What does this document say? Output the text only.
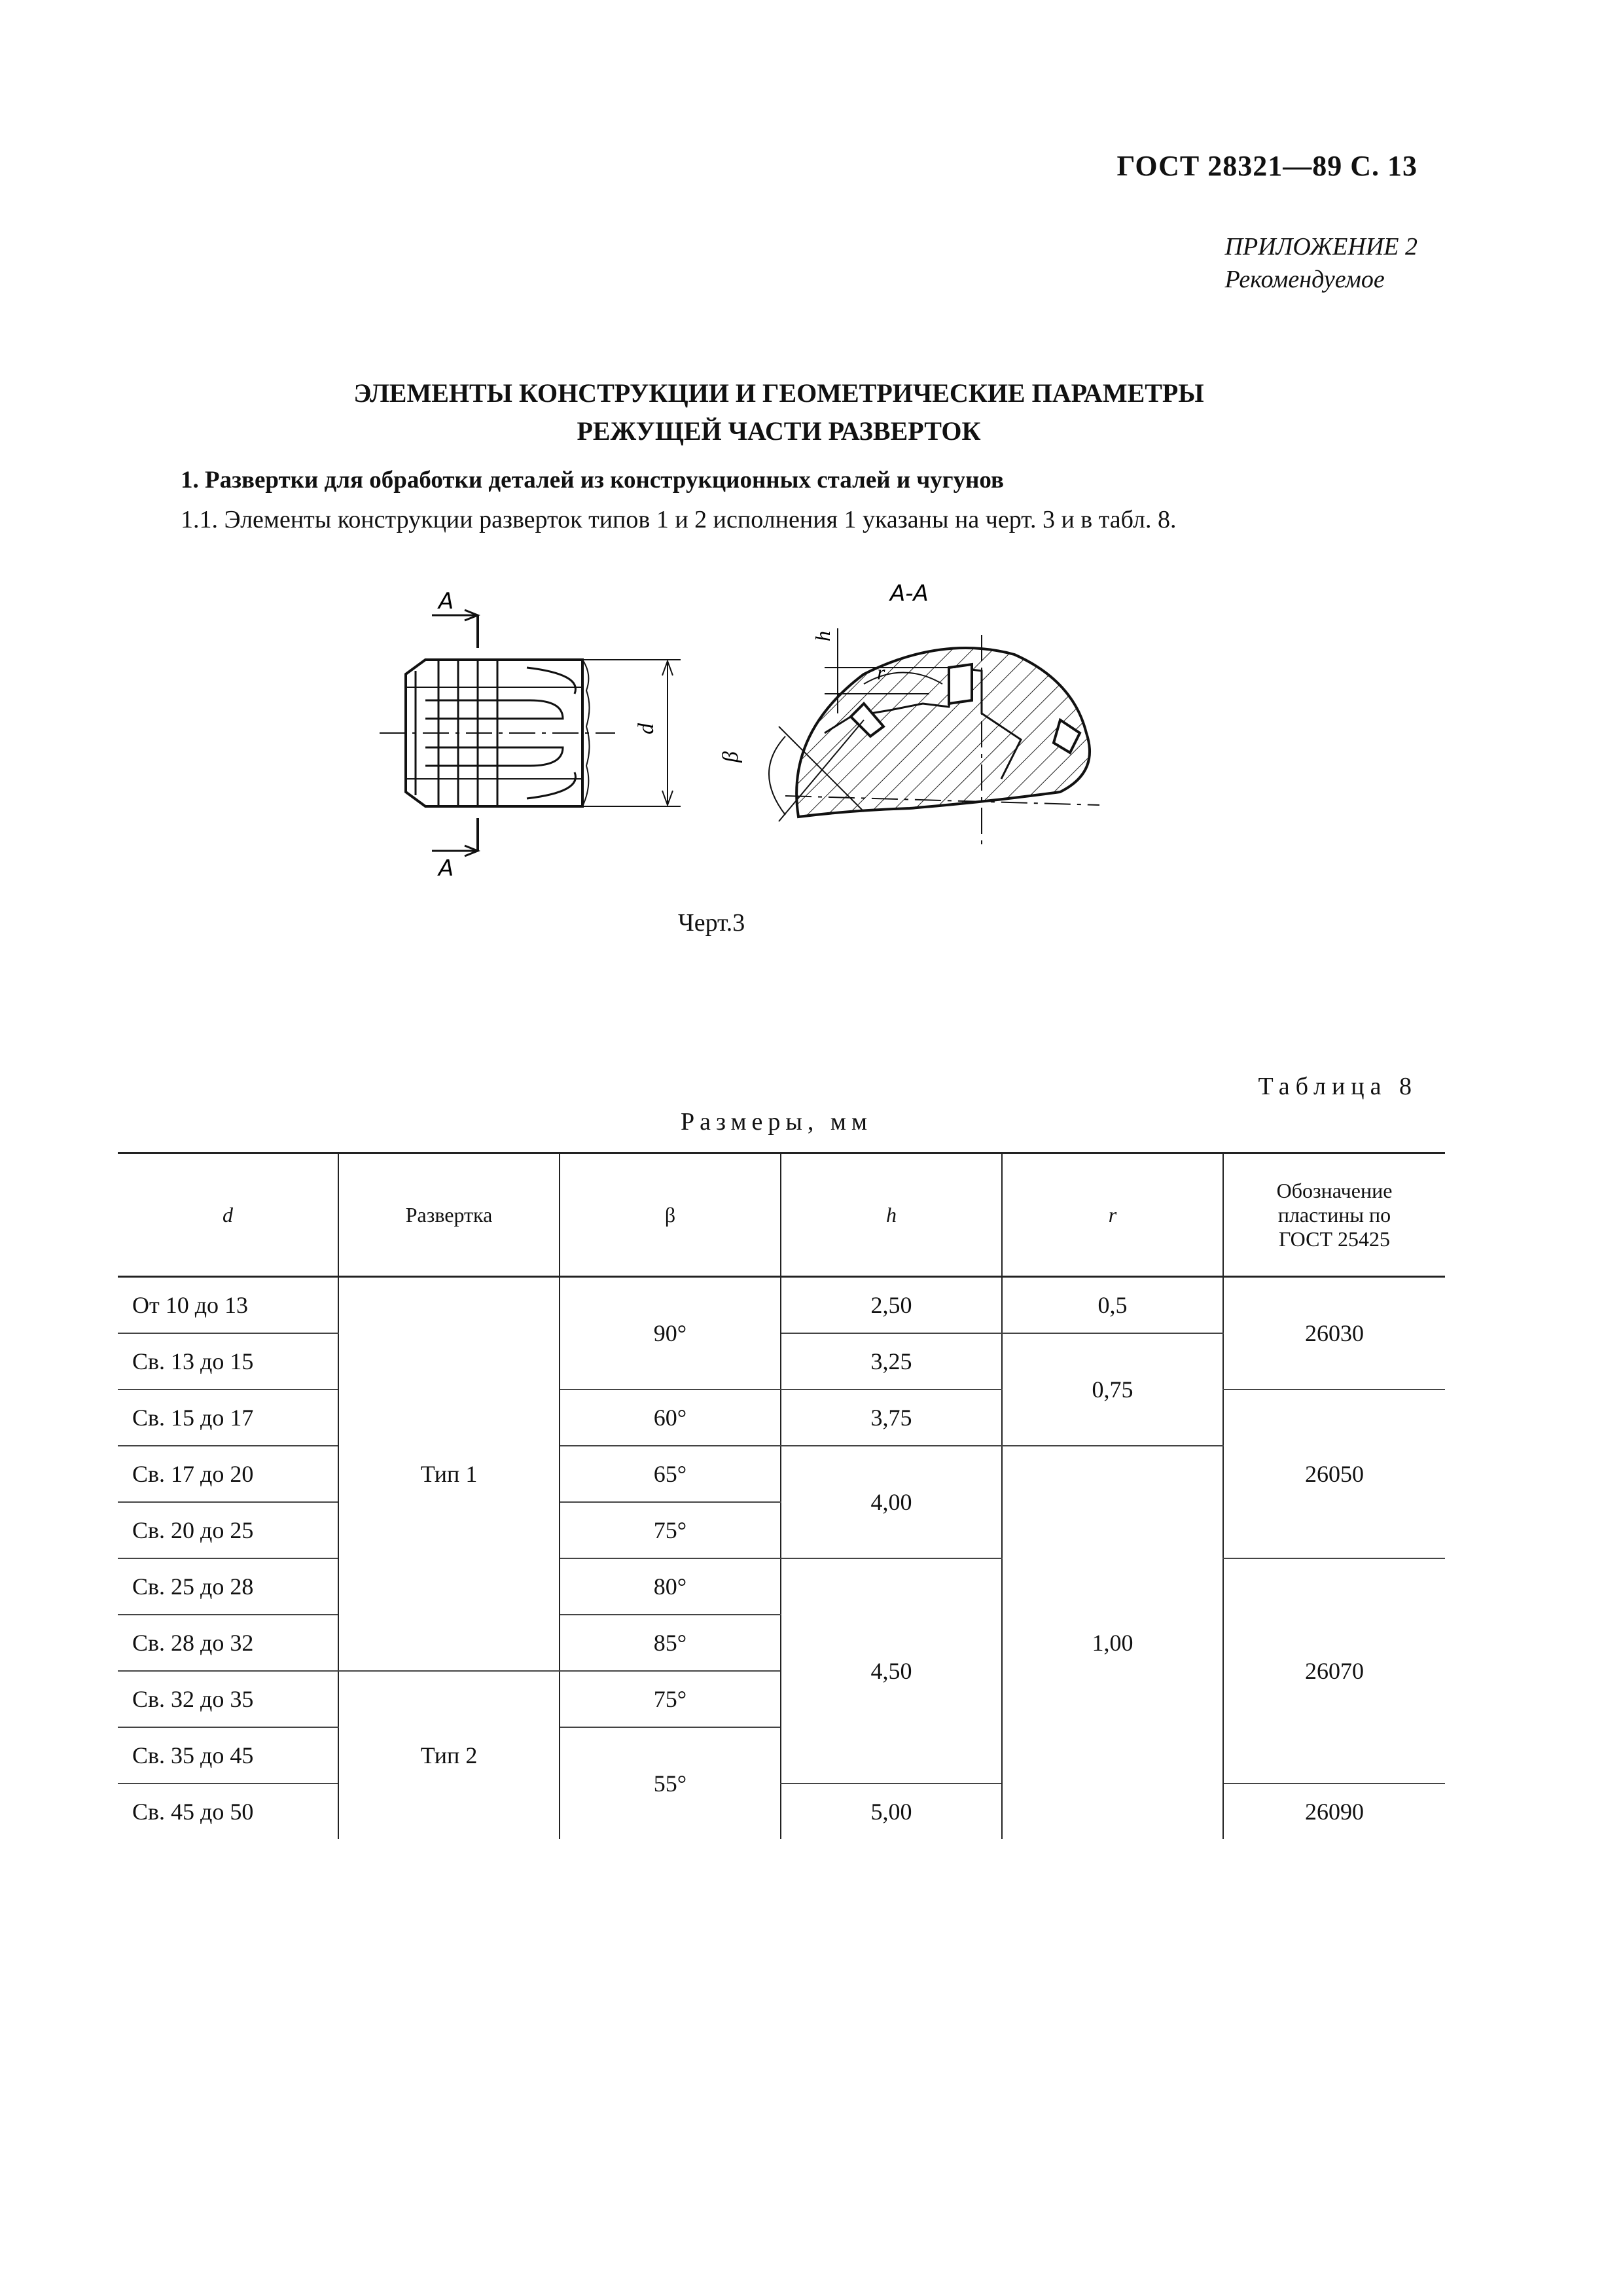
ГОСТ 28321—89 С. 13
ПРИЛОЖЕНИЕ 2
Рекомендуемое
ЭЛЕМЕНТЫ КОНСТРУКЦИИ И ГЕОМЕТРИЧЕСКИЕ ПАРАМЕТРЫ
РЕЖУЩЕЙ ЧАСТИ РАЗВЕРТОК
1. Развертки для обработки деталей из конструкционных сталей и чугунов
1.1. Элементы конструкции разверток типов 1 и 2 исполнения 1 указаны на черт. 3 и в табл. 8.
A
A
d
A-A
h
r
β
Черт.3
Таблица 8
Размеры, мм
d	Развертка	β	h	r	Обозначение пластины по ГОСТ 25425
От 10 до 13	Тип 1	90°	2,50	0,5	26030
Св. 13 до 15			3,25	0,75	
Св. 15 до 17		60°	3,75		26050
Св. 17 до 20		65°	4,00	1,00	
Св. 20 до 25		75°			
Св. 25 до 28		80°	4,50		26070
Св. 28 до 32		85°			
Св. 32 до 35	Тип 2	75°			
Св. 35 до 45		55°			
Св. 45 до 50			5,00		26090
